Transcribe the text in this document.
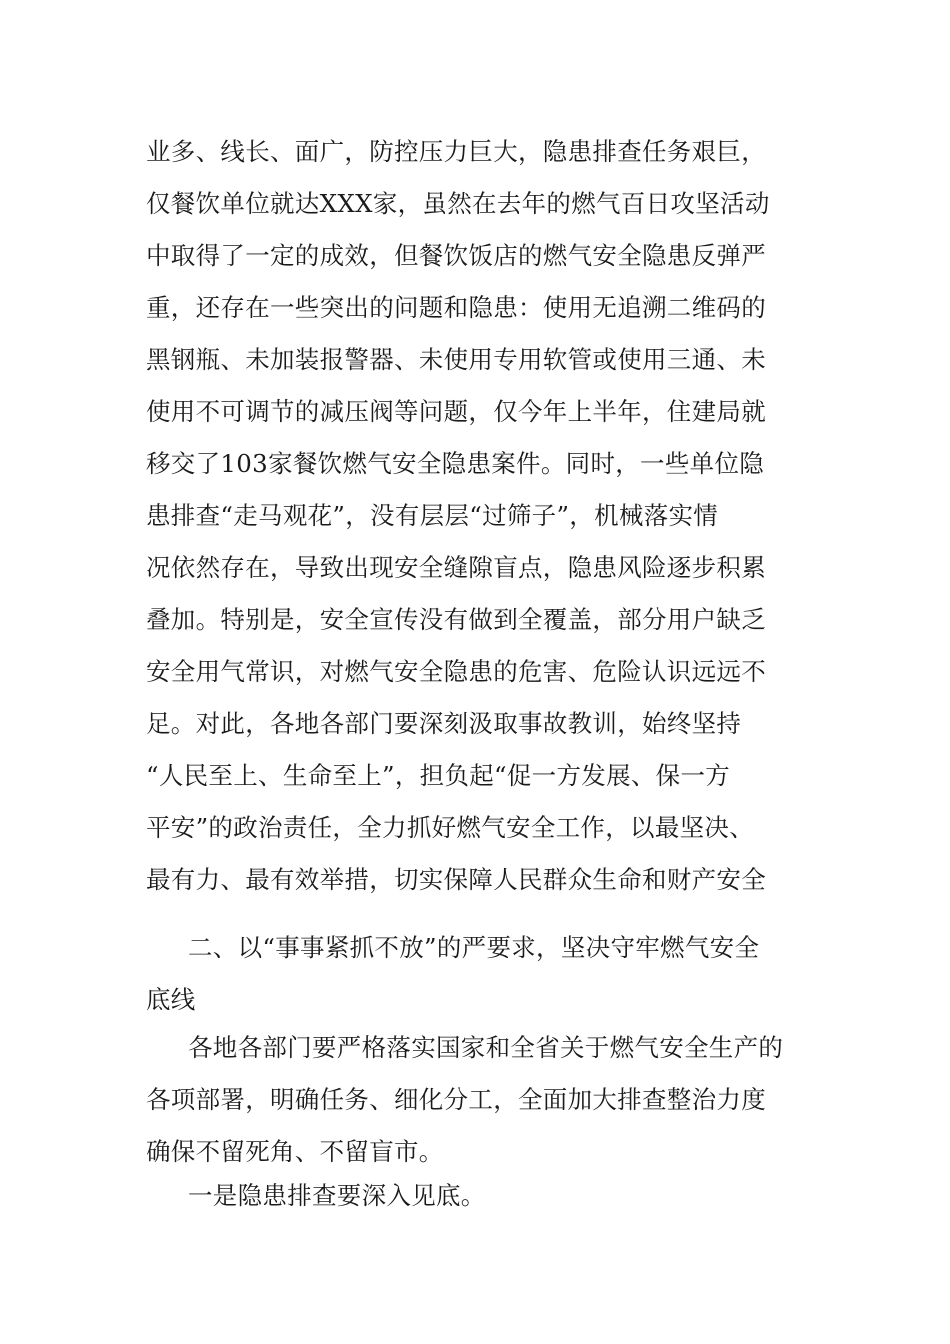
业多、线长、面广，防控压力巨大，隐患排查任务艰巨，
仅餐饮单位就达XXX家，虽然在去年的燃气百日攻坚活动
中取得了一定的成效，但餐饮饭店的燃气安全隐患反弹严
重，还存在一些突出的问题和隐患：使用无追溯二维码的
黑钢瓶、未加装报警器、未使用专用软管或使用三通、未
使用不可调节的减压阀等问题，仅今年上半年，住建局就
移交了103家餐饮燃气安全隐患案件。同时，一些单位隐
患排查“走马观花”，没有层层“过筛子”，机械落实情
况依然存在，导致出现安全缝隙盲点，隐患风险逐步积累
叠加。特别是，安全宣传没有做到全覆盖，部分用户缺乏
安全用气常识，对燃气安全隐患的危害、危险认识远远不
足。对此，各地各部门要深刻汲取事故教训，始终坚持
“人民至上、生命至上”，担负起“促一方发展、保一方
平安”的政治责任，全力抓好燃气安全工作，以最坚决、
最有力、最有效举措，切实保障人民群众生命和财产安全
二、以“事事紧抓不放”的严要求，坚决守牢燃气安全
底线
各地各部门要严格落实国家和全省关于燃气安全生产的
各项部署，明确任务、细化分工，全面加大排查整治力度
确保不留死角、不留盲市。
一是隐患排查要深入见底。
